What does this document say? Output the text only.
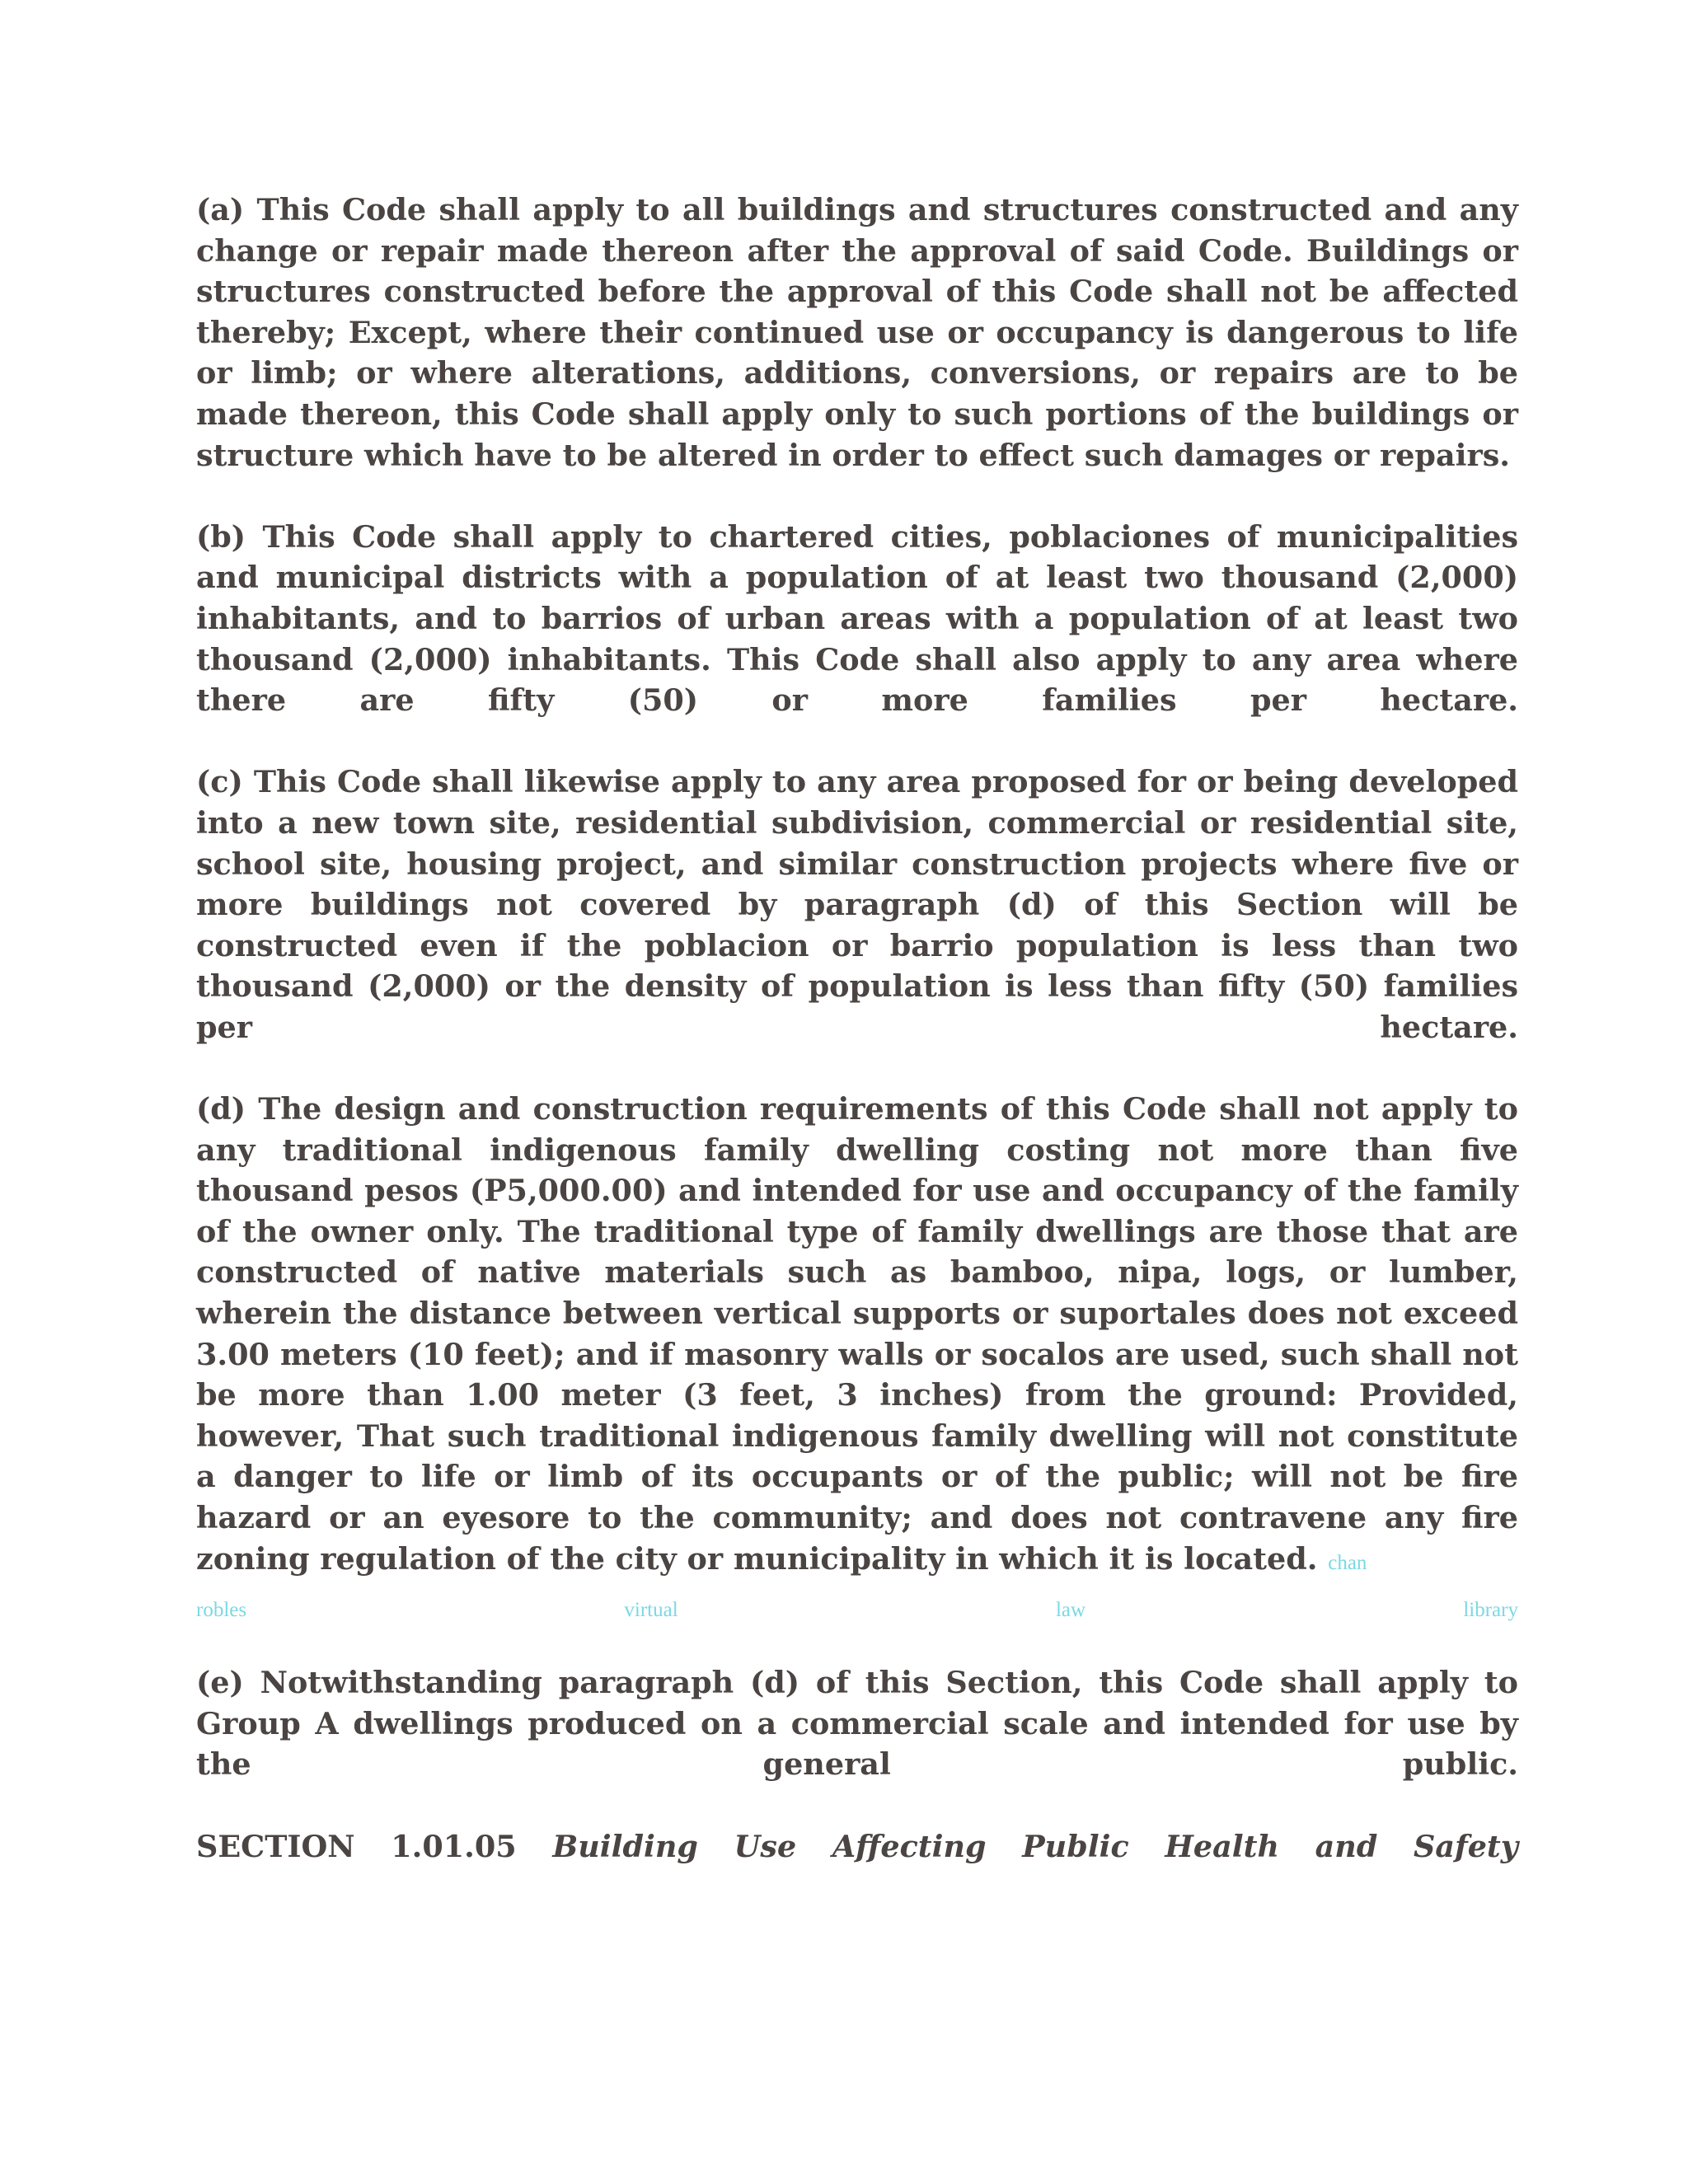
(a) This Code shall apply to all buildings and structures constructed and any change or repair made thereon after the approval of said Code. Buildings or structures constructed before the approval of this Code shall not be affected thereby; Except, where their continued use or occupancy is dangerous to life or limb; or where alterations, additions, conversions, or repairs are to be made thereon, this Code shall apply only to such portions of the buildings or structure which have to be altered in order to effect such damages or repairs.

(b) This Code shall apply to chartered cities, poblaciones of municipalities and municipal districts with a population of at least two thousand (2,000) inhabitants, and to barrios of urban areas with a population of at least two thousand (2,000) inhabitants. This Code shall also apply to any area where there are fifty (50) or more families per hectare.

(c) This Code shall likewise apply to any area proposed for or being developed into a new town site, residential subdivision, commercial or residential site, school site, housing project, and similar construction projects where five or more buildings not covered by paragraph (d) of this Section will be constructed even if the poblacion or barrio population is less than two thousand (2,000) or the density of population is less than fifty (50) families per hectare.

(d) The design and construction requirements of this Code shall not apply to any traditional indigenous family dwelling costing not more than five thousand pesos (P5,000.00) and intended for use and occupancy of the family of the owner only. The traditional type of family dwellings are those that are constructed of native materials such as bamboo, nipa, logs, or lumber, wherein the distance between vertical supports or suportales does not exceed 3.00 meters (10 feet); and if masonry walls or socalos are used, such shall not be more than 1.00 meter (3 feet, 3 inches) from the ground: Provided, however, That such traditional indigenous family dwelling will not constitute a danger to life or limb of its occupants or of the public; will not be fire hazard or an eyesore to the community; and does not contravene any fire zoning regulation of the city or municipality in which it is located. chan

robles	virtual	law	library

(e) Notwithstanding paragraph (d) of this Section, this Code shall apply to Group A dwellings produced on a commercial scale and intended for use by the general public.

SECTION 1.01.05 Building Use Affecting Public Health and Safety
